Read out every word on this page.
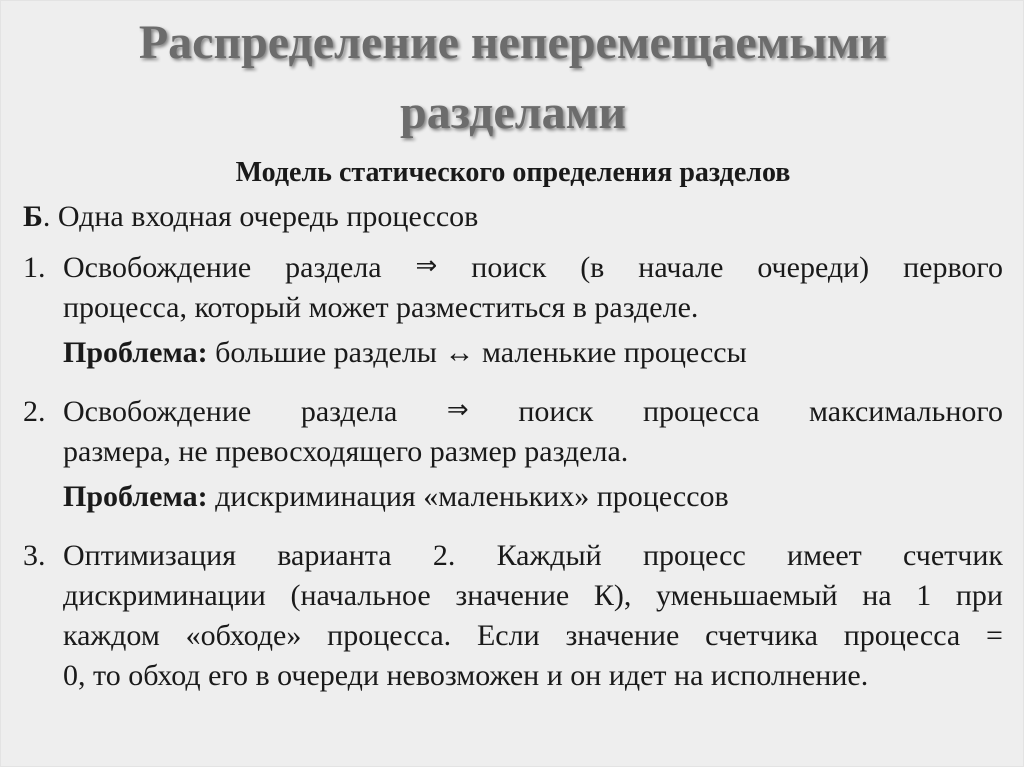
Распределение неперемещаемыми
разделами

Модель статического определения разделов

Б. Одна входная очередь процессов

1. Освобождение раздела ⇒ поиск (в начале очереди) первого

процесса, который может разместиться в разделе.

Проблема: большие разделы ↔ маленькие процессы

2. Освобождение раздела ⇒ поиск процесса максимального

размера, не превосходящего размер раздела.

Проблема: дискриминация «маленьких» процессов

3. Оптимизация варианта 2. Каждый процесс имеет счетчик
дискриминации (начальное значение К), уменьшаемый на 1 при
каждом «обходе» процесса. Если значение счетчика процесса =

0, то обход его в очереди невозможен и он идет на исполнение.
